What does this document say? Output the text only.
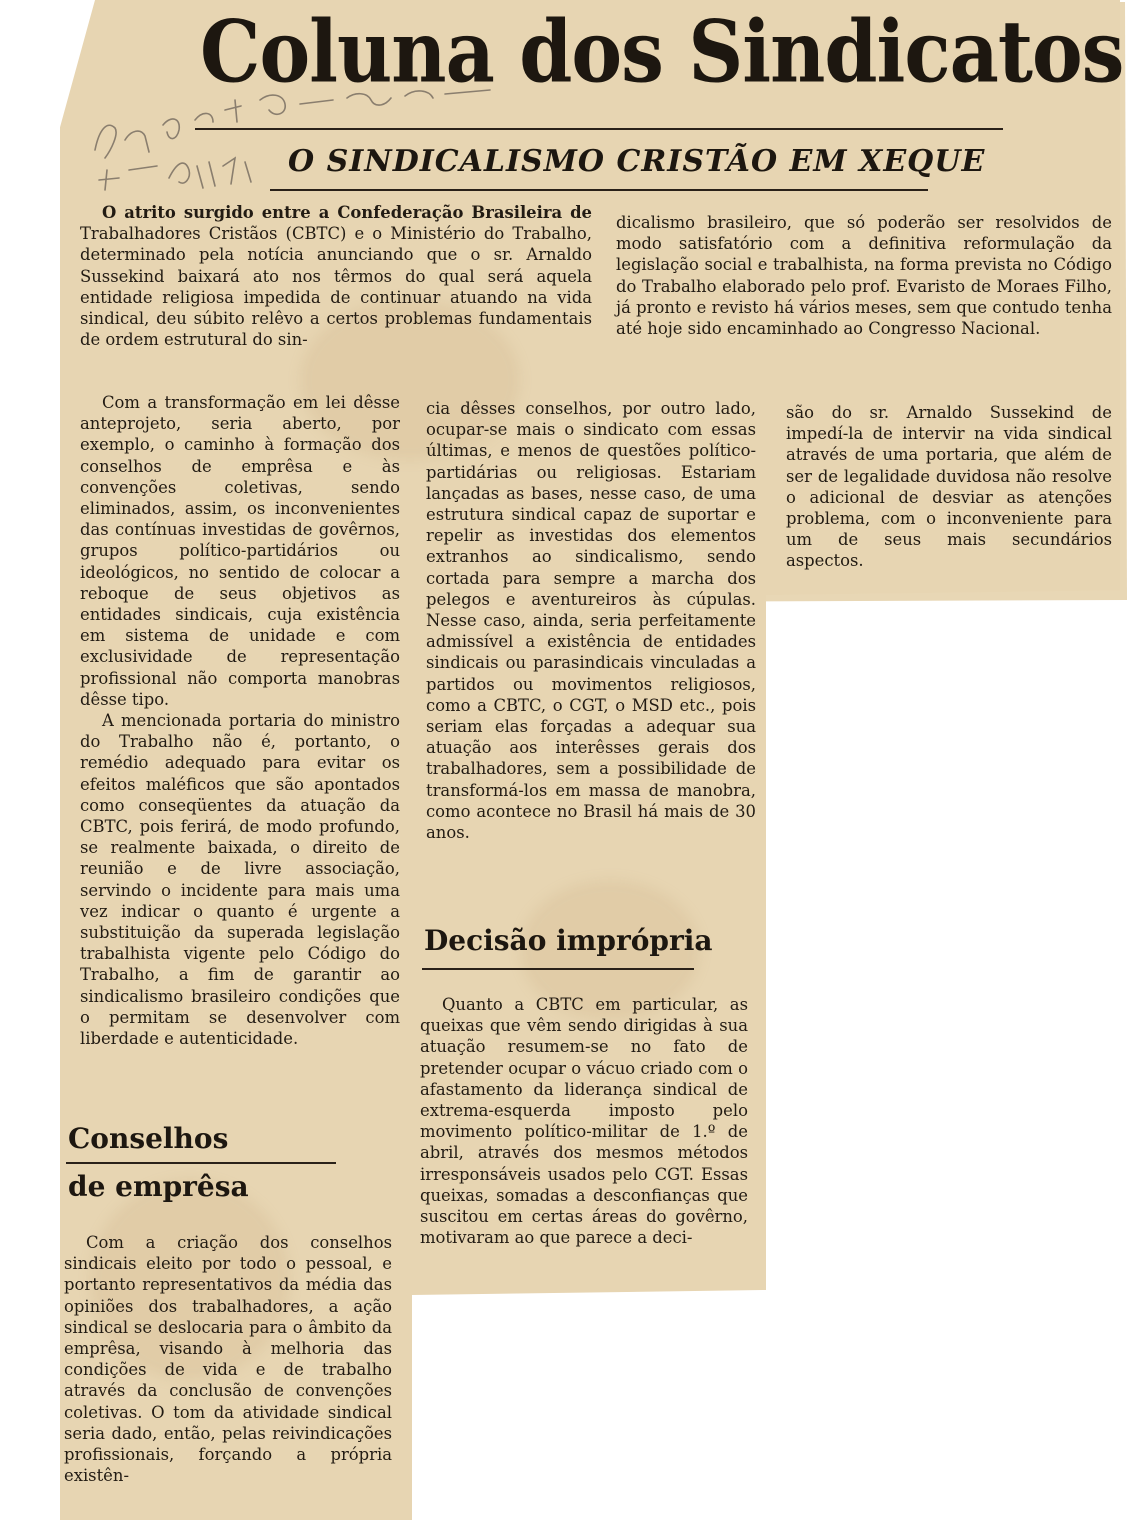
Coluna dos Sindicatos
O SINDICALISMO CRISTÃO EM XEQUE

O atrito surgido entre a Confederação Brasileira de Trabalhadores Cristãos (CBTC) e o Ministério do Trabalho, determinado pela notícia anunciando que o sr. Arnaldo Sussekind baixará ato nos têrmos do qual será aquela entidade religiosa impedida de continuar atuando na vida sindical, deu súbito relêvo a certos problemas fundamentais de ordem estrutural do sin-

dicalismo brasileiro, que só poderão ser resolvidos de modo satisfatório com a definitiva reformulação da legislação social e trabalhista, na forma prevista no Código do Trabalho elaborado pelo prof. Evaristo de Moraes Filho, já pronto e revisto há vários meses, sem que contudo tenha até hoje sido encaminhado ao Congresso Nacional.

Com a transformação em lei dêsse anteprojeto, seria aberto, por exemplo, o caminho à formação dos conselhos de emprêsa e às convenções coletivas, sendo eliminados, assim, os inconvenientes das contínuas investidas de govêrnos, grupos político-partidários ou ideológicos, no sentido de colocar a reboque de seus objetivos as entidades sindicais, cuja existência em sistema de unidade e com exclusividade de representação profissional não comporta manobras dêsse tipo.

A mencionada portaria do ministro do Trabalho não é, portanto, o remédio adequado para evitar os efeitos maléficos que são apontados como conseqüentes da atuação da CBTC, pois ferirá, de modo profundo, se realmente baixada, o direito de reunião e de livre associação, servindo o incidente para mais uma vez indicar o quanto é urgente a substituição da superada legislação trabalhista vigente pelo Código do Trabalho, a fim de garantir ao sindicalismo brasileiro condições que o permitam se desenvolver com liberdade e autenticidade.

Conselhos
de emprêsa

Com a criação dos conselhos sindicais eleito por todo o pessoal, e portanto representativos da média das opiniões dos trabalhadores, a ação sindical se deslocaria para o âmbito da emprêsa, visando à melhoria das condições de vida e de trabalho através da conclusão de convenções coletivas. O tom da atividade sindical seria dado, então, pelas reivindicações profissionais, forçando a própria existên-

cia dêsses conselhos, por outro lado, ocupar-se mais o sindicato com essas últimas, e menos de questões político-partidárias ou religiosas. Estariam lançadas as bases, nesse caso, de uma estrutura sindical capaz de suportar e repelir as investidas dos elementos extranhos ao sindicalismo, sendo cortada para sempre a marcha dos pelegos e aventureiros às cúpulas. Nesse caso, ainda, seria perfeitamente admissível a existência de entidades sindicais ou parasindicais vinculadas a partidos ou movimentos religiosos, como a CBTC, o CGT, o MSD etc., pois seriam elas forçadas a adequar sua atuação aos interêsses gerais dos trabalhadores, sem a possibilidade de transformá-los em massa de manobra, como acontece no Brasil há mais de 30 anos.

Decisão imprópria

Quanto a CBTC em particular, as queixas que vêm sendo dirigidas à sua atuação resumem-se no fato de pretender ocupar o vácuo criado com o afastamento da liderança sindical de extrema-esquerda imposto pelo movimento político-militar de 1.º de abril, através dos mesmos métodos irresponsáveis usados pelo CGT. Essas queixas, somadas a desconfianças que suscitou em certas áreas do govêrno, motivaram ao que parece a deci-

são do sr. Arnaldo Sussekind de impedí-la de intervir na vida sindical através de uma portaria, que além de ser de legalidade duvidosa não resolve o adicional de desviar as atenções problema, com o inconveniente para um de seus mais secundários aspectos.
